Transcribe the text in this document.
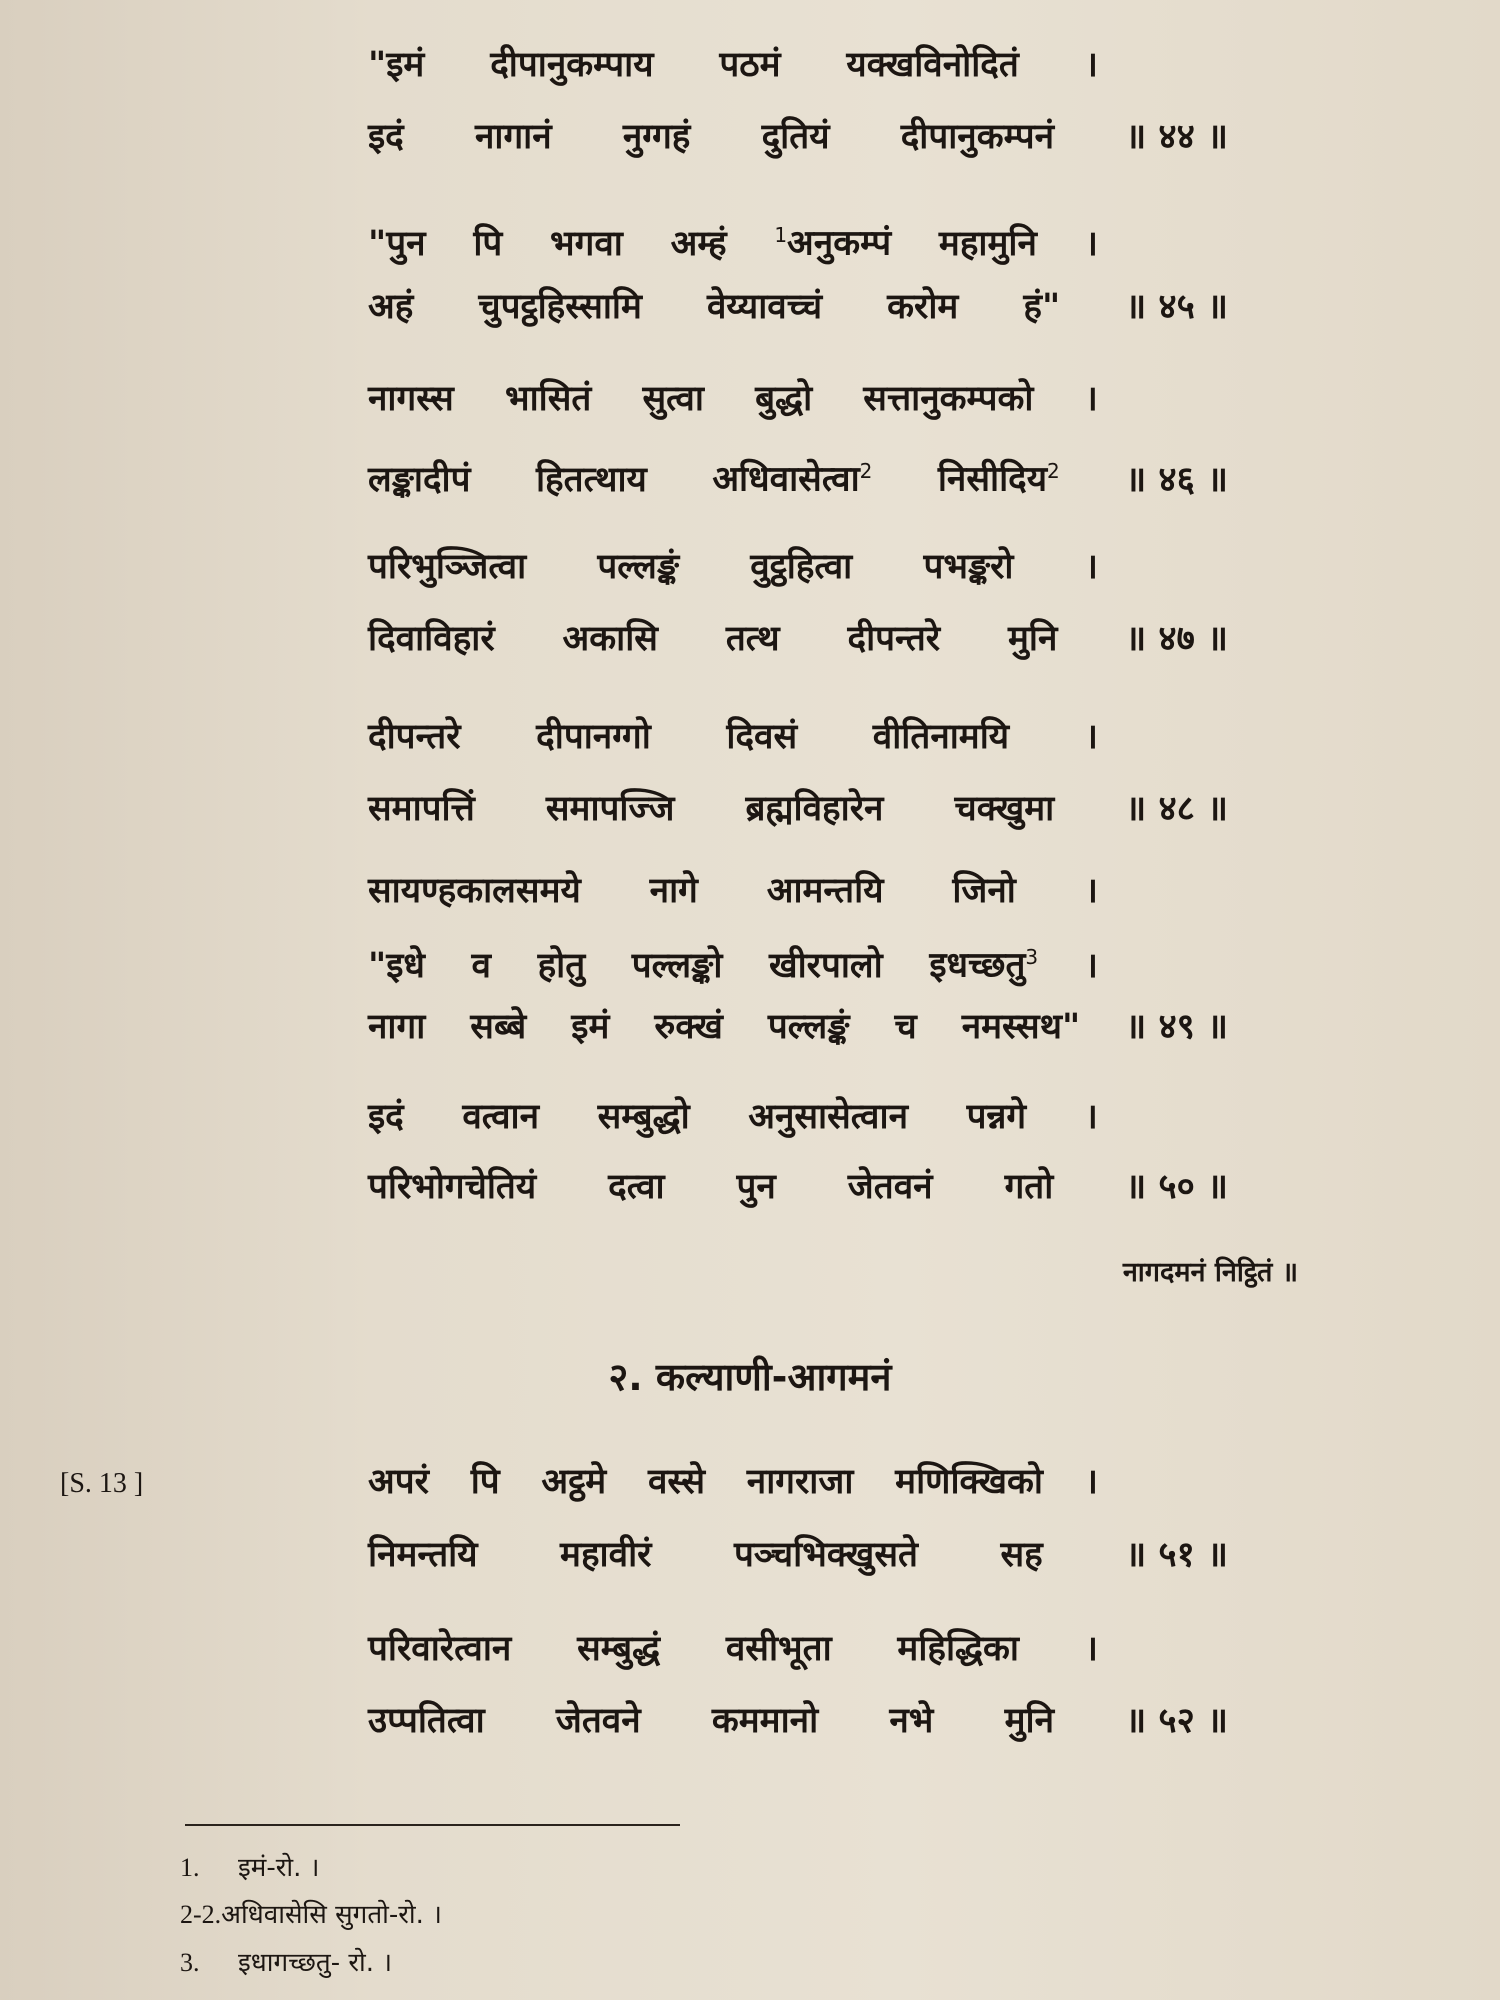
"इमं दीपानुकम्पाय पठमं यक्खविनोदितं ।
इदं नागानं नुग्गहं दुतियं दीपानुकम्पनं ॥ ४४ ॥
"पुन पि भगवा अम्हं $^1$अनुकम्पं महामुनि ।
अहं चुपट्ठहिस्सामि वेय्यावच्चं करोम हं" ॥ ४५ ॥
नागस्स भासितं सुत्वा बुद्धो सत्तानुकम्पको ।
लङ्कादीपं हितत्थाय अधिवासेत्वा$^2$ निसीदिय$^2$ ॥ ४६ ॥
परिभुञ्जित्वा पल्लङ्कं वुट्ठहित्वा पभङ्करो ।
दिवाविहारं अकासि तत्थ दीपन्तरे मुनि ॥ ४७ ॥
दीपन्तरे दीपानग्गो दिवसं वीतिनामयि ।
समापत्तिं समापज्जि ब्रह्मविहारेन चक्खुमा ॥ ४८ ॥
सायण्हकालसमये नागे आमन्तयि जिनो ।
"इधे व होतु पल्लङ्को खीरपालो इधच्छतु$^3$ ।
नागा सब्बे इमं रुक्खं पल्लङ्कं च नमस्सथ" ॥ ४९ ॥
इदं वत्वान सम्बुद्धो अनुसासेत्वान पन्नगे ।
परिभोगचेतियं दत्वा पुन जेतवनं गतो ॥ ५० ॥
अपरं पि अट्ठमे वस्से नागराजा मणिक्खिको ।
निमन्तयि महावीरं पञ्चभिक्खुसते सह ॥ ५१ ॥
परिवारेत्वान सम्बुद्धं वसीभूता महिद्धिका ।
उप्पतित्वा जेतवने कममानो नभे मुनि ॥ ५२ ॥
नागदमनं निट्ठितं ॥
२. कल्याणी-आगमनं
[S. 13 ]
1. इमं-रो. ।
2-2.अधिवासेसि सुगतो-रो. ।
3. इधागच्छतु- रो. ।
